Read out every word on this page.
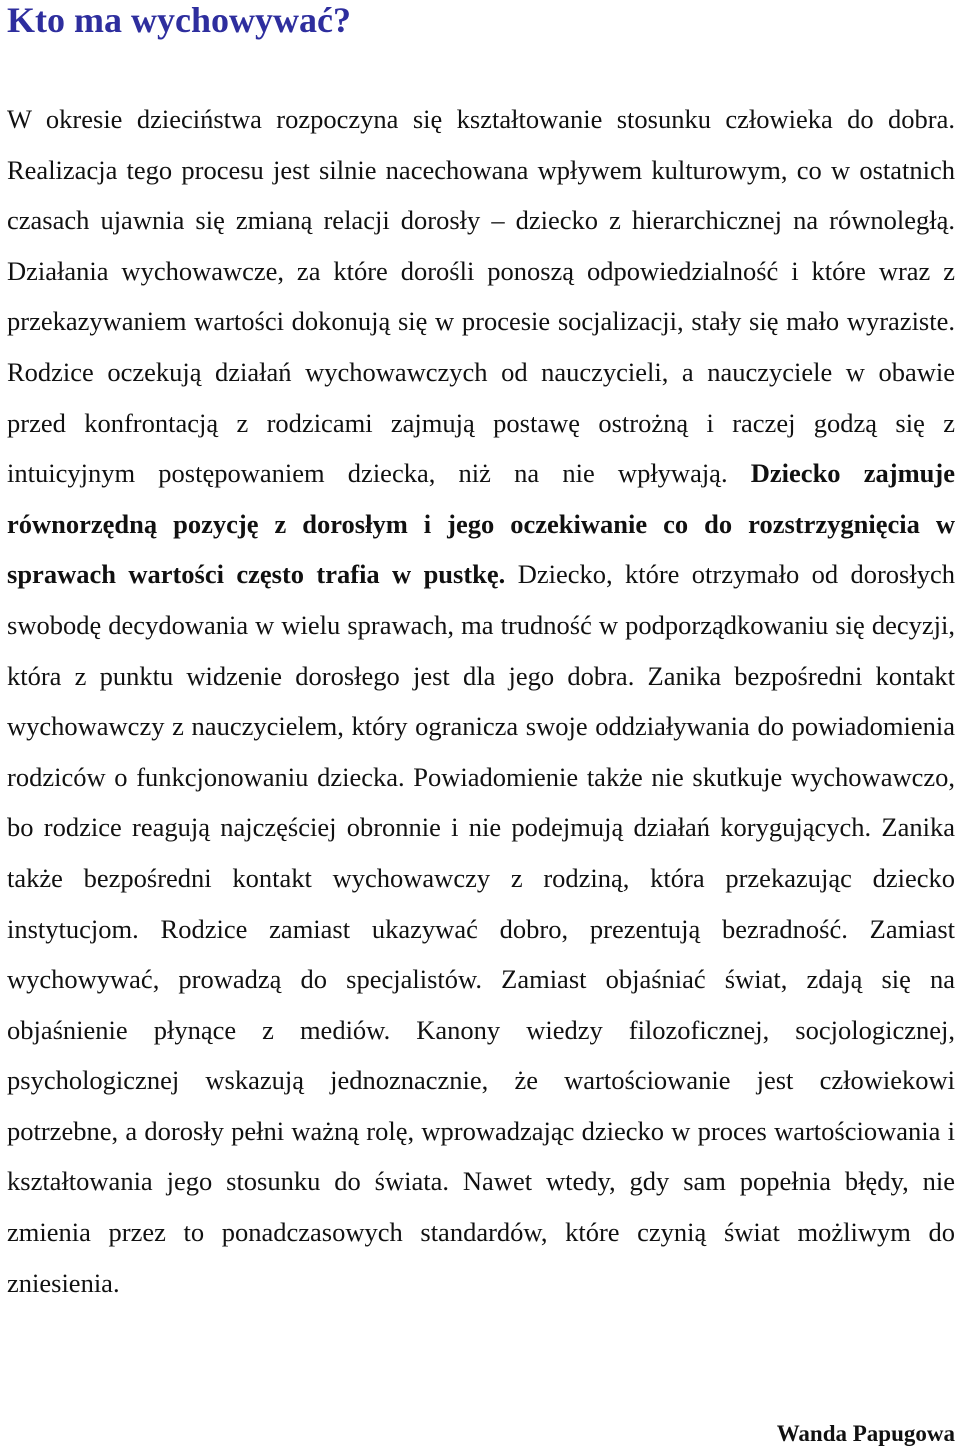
Kto ma wychowywać?

W okresie dzieciństwa rozpoczyna się kształtowanie stosunku człowieka do dobra. Realizacja tego procesu jest silnie nacechowana wpływem kulturowym, co w ostatnich czasach ujawnia się zmianą relacji dorosły – dziecko z hierarchicznej na równoległą. Działania wychowawcze, za które dorośli ponoszą odpowiedzialność i które wraz z przekazywaniem wartości dokonują się w procesie socjalizacji, stały się mało wyraziste. Rodzice oczekują działań wychowawczych od nauczycieli, a nauczyciele w obawie przed konfrontacją z rodzicami zajmują postawę ostrożną i raczej godzą się z intuicyjnym postępowaniem dziecka, niż na nie wpływają. Dziecko zajmuje równorzędną pozycję z dorosłym i jego oczekiwanie co do rozstrzygnięcia w sprawach wartości często trafia w pustkę. Dziecko, które otrzymało od dorosłych swobodę decydowania w wielu sprawach, ma trudność w podporządkowaniu się decyzji, która z punktu widzenie dorosłego jest dla jego dobra. Zanika bezpośredni kontakt wychowawczy z nauczycielem, który ogranicza swoje oddziaływania do powiadomienia rodziców o funkcjonowaniu dziecka. Powiadomienie także nie skutkuje wychowawczo, bo rodzice reagują najczęściej obronnie i nie podejmują działań korygujących. Zanika także bezpośredni kontakt wychowawczy z rodziną, która przekazując dziecko instytucjom. Rodzice zamiast ukazywać dobro, prezentują bezradność. Zamiast wychowywać, prowadzą do specjalistów. Zamiast objaśniać świat, zdają się na objaśnienie płynące z mediów. Kanony wiedzy filozoficznej, socjologicznej, psychologicznej wskazują jednoznacznie, że wartościowanie jest człowiekowi potrzebne, a dorosły pełni ważną rolę, wprowadzając dziecko w proces wartościowania i kształtowania jego stosunku do świata. Nawet wtedy, gdy sam popełnia błędy, nie zmienia przez to ponadczasowych standardów, które czynią świat możliwym do zniesienia.

Wanda Papugowa
